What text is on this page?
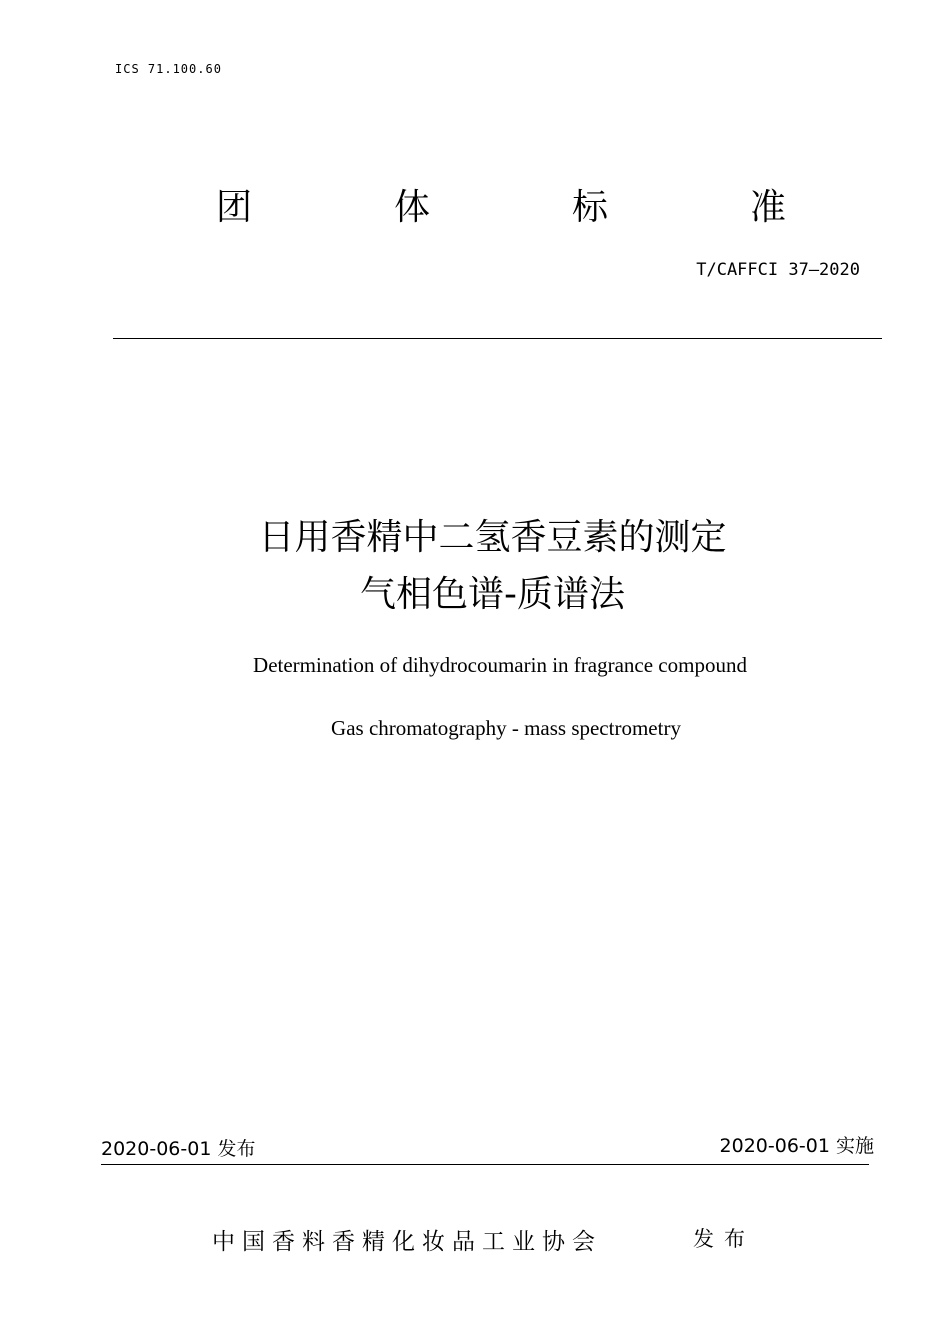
ICS 71.100.60
团	体	标	准
T/CAFFCI 37—2020
日用香精中二氢香豆素的测定
气相色谱-质谱法
Determination of dihydrocoumarin in fragrance compound
Gas chromatography - mass spectrometry
2020-06-01 发布	2020-06-01 实施
中国香料香精化妆品工业协会	发布
